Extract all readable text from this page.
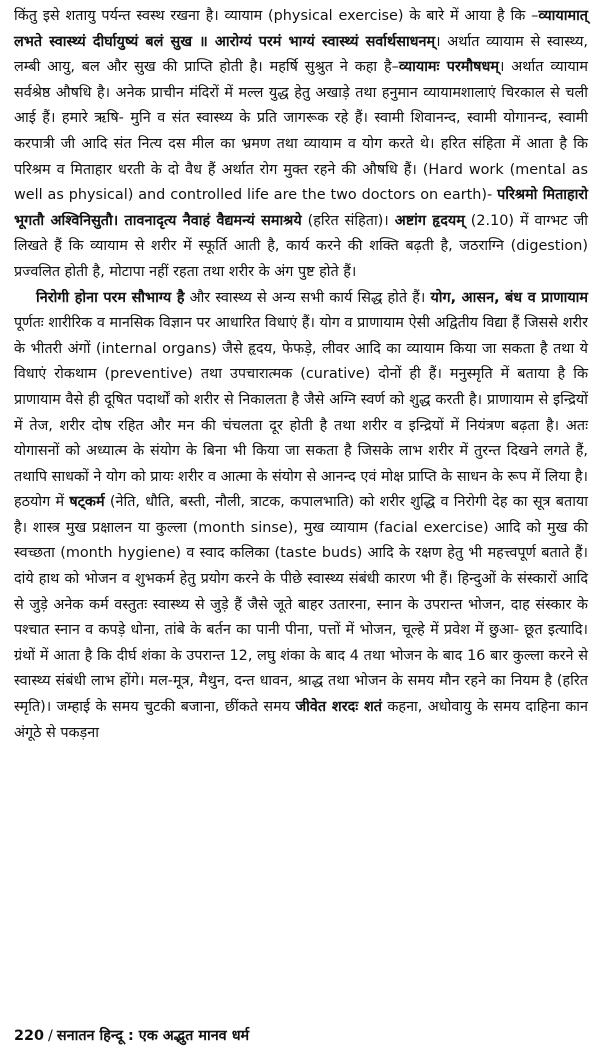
किंतु इसे शतायु पर्यन्त स्वस्थ रखना है। व्यायाम (physical exercise) के बारे में आया है कि –व्यायामात् लभते स्वास्थ्यं दीर्घायुष्यं बलं सुख ॥ आरोग्यं परमं भाग्यं स्वास्थ्यं सर्वार्थसाधनम्। अर्थात व्यायाम से स्वास्थ्य, लम्बी आयु, बल और सुख की प्राप्ति होती है। महर्षि सुश्रुत ने कहा है–व्यायामः परमौषधम्। अर्थात व्यायाम सर्वश्रेष्ठ औषधि है। अनेक प्राचीन मंदिरों में मल्ल युद्ध हेतु अखाड़े तथा हनुमान व्यायामशालाएं चिरकाल से चली आई हैं। हमारे ऋषि- मुनि व संत स्वास्थ्य के प्रति जागरूक रहे हैं। स्वामी शिवानन्द, स्वामी योगानन्द, स्वामी करपात्री जी आदि संत नित्य दस मील का भ्रमण तथा व्यायाम व योग करते थे। हरित संहिता में आता है कि परिश्रम व मिताहार धरती के दो वैध हैं अर्थात रोग मुक्त रहने की औषधि हैं। (Hard work (mental as well as physical) and controlled life are the two doctors on earth)- परिश्रमो मिताहारो भूगतौ अश्विनिसुतौ। तावनादृत्य नैवाहं वैद्यमन्यं समाश्रये (हरित संहिता)। अष्टांग हृदयम् (2.10) में वाग्भट जी लिखते हैं कि व्यायाम से शरीर में स्फूर्ति आती है, कार्य करने की शक्ति बढ़ती है, जठराग्नि (digestion) प्रज्वलित होती है, मोटापा नहीं रहता तथा शरीर के अंग पुष्ट होते हैं।

निरोगी होना परम सौभाग्य है और स्वास्थ्य से अन्य सभी कार्य सिद्ध होते हैं। योग, आसन, बंध व प्राणायाम पूर्णतः शारीरिक व मानसिक विज्ञान पर आधारित विधाएं हैं। योग व प्राणायाम ऐसी अद्वितीय विद्या हैं जिससे शरीर के भीतरी अंगों (internal organs) जैसे हृदय, फेफड़े, लीवर आदि का व्यायाम किया जा सकता है तथा ये विधाएं रोकथाम (preventive) तथा उपचारात्मक (curative) दोनों ही हैं। मनुस्मृति में बताया है कि प्राणायाम वैसे ही दूषित पदार्थों को शरीर से निकालता है जैसे अग्नि स्वर्ण को शुद्ध करती है। प्राणायाम से इन्द्रियों में तेज, शरीर दोष रहित और मन की चंचलता दूर होती है तथा शरीर व इन्द्रियों में नियंत्रण बढ़ता है। अतः योगासनों को अध्यात्म के संयोग के बिना भी किया जा सकता है जिसके लाभ शरीर में तुरन्त दिखने लगते हैं, तथापि साधकों ने योग को प्रायः शरीर व आत्मा के संयोग से आनन्द एवं मोक्ष प्राप्ति के साधन के रूप में लिया है। हठयोग में षट्कर्म (नेति, धौति, बस्ती, नौली, त्राटक, कपालभाति) को शरीर शुद्धि व निरोगी देह का सूत्र बताया है। शास्त्र मुख प्रक्षालन या कुल्ला (month sinse), मुख व्यायाम (facial exercise) आदि को मुख की स्वच्छता (month hygiene) व स्वाद कलिका (taste buds) आदि के रक्षण हेतु भी महत्त्वपूर्ण बताते हैं। दांये हाथ को भोजन व शुभकर्म हेतु प्रयोग करने के पीछे स्वास्थ्य संबंधी कारण भी हैं। हिन्दुओं के संस्कारों आदि से जुड़े अनेक कर्म वस्तुतः स्वास्थ्य से जुड़े हैं जैसे जूते बाहर उतारना, स्नान के उपरान्त भोजन, दाह संस्कार के पश्चात स्नान व कपड़े धोना, तांबे के बर्तन का पानी पीना, पत्तों में भोजन, चूल्हे में प्रवेश में छुआ- छूत इत्यादि। ग्रंथों में आता है कि दीर्घ शंका के उपरान्त 12, लघु शंका के बाद 4 तथा भोजन के बाद 16 बार कुल्ला करने से स्वास्थ्य संबंधी लाभ होंगे। मल-मूत्र, मैथुन, दन्त धावन, श्राद्ध तथा भोजन के समय मौन रहने का नियम है (हरित स्मृति)। जम्हाई के समय चुटकी बजाना, छींकते समय जीवेत शरदः शतं कहना, अधोवायु के समय दाहिना कान अंगूठे से पकड़ना

220 / सनातन हिन्दू : एक अद्भुत मानव धर्म
